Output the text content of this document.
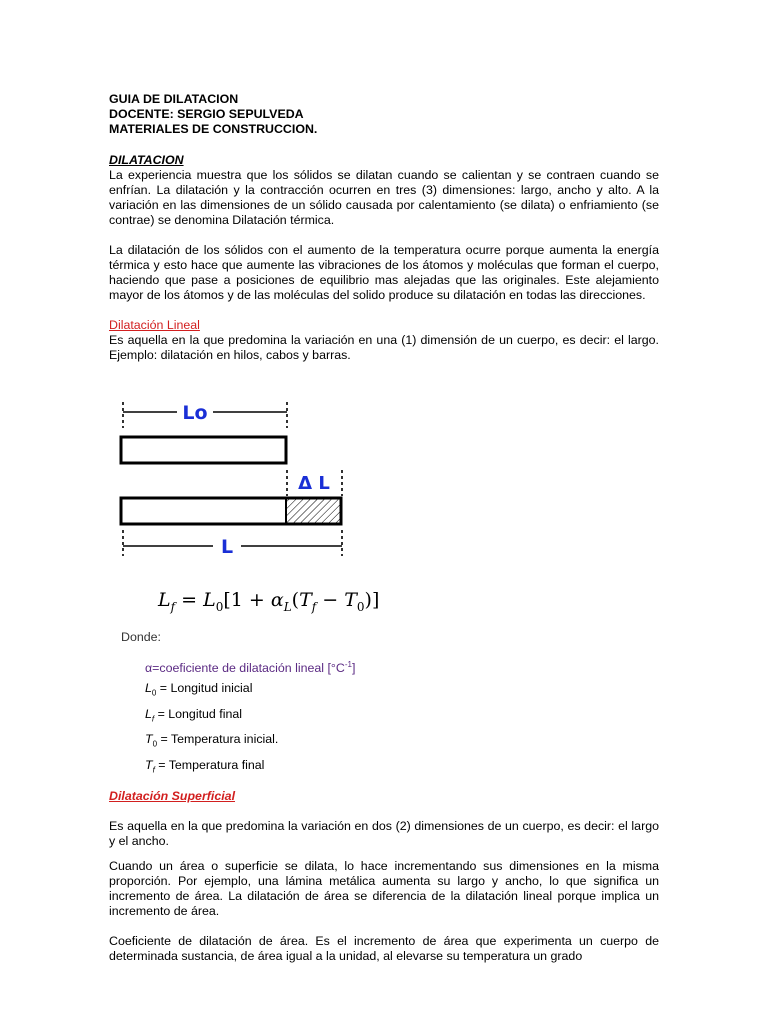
GUIA DE DILATACION
DOCENTE: SERGIO SEPULVEDA
MATERIALES DE CONSTRUCCION.
DILATACION

La experiencia muestra que los sólidos se dilatan cuando se calientan y se contraen cuando se enfrían. La dilatación y la contracción ocurren en tres (3) dimensiones: largo, ancho y alto. A la variación en las dimensiones de un sólido causada por calentamiento (se dilata) o enfriamiento (se contrae) se denomina Dilatación térmica.

La dilatación de los sólidos con el aumento de la temperatura ocurre porque aumenta la energía térmica y esto hace que aumente las vibraciones de los átomos y moléculas que forman el cuerpo, haciendo que pase a posiciones de equilibrio mas alejadas que las originales. Este alejamiento mayor de los átomos y de las moléculas del solido produce su dilatación en todas las direcciones.

Dilatación Lineal

Es aquella en la que predomina la variación en una (1) dimensión de un cuerpo, es decir: el largo. Ejemplo: dilatación en hilos, cabos y barras.

Lo
Δ L
L
$L_f = L_0[1 + \alpha_L(T_f - T_0)]$
Donde:
α=coeficiente de dilatación lineal $[^\circ C^{-1}]$
$L_0$ = Longitud inicial
$L_f$ = Longitud final
$T_0$ = Temperatura inicial.
$T_f$ = Temperatura final
Dilatación Superficial

Es aquella en la que predomina la variación en dos (2) dimensiones de un cuerpo, es decir: el largo y el ancho.

Cuando un área o superficie se dilata, lo hace incrementando sus dimensiones en la misma proporción. Por ejemplo, una lámina metálica aumenta su largo y ancho, lo que significa un incremento de área. La dilatación de área se diferencia de la dilatación lineal porque implica un incremento de área.

Coeficiente de dilatación de área. Es el incremento de área que experimenta un cuerpo de determinada sustancia, de área igual a la unidad, al elevarse su temperatura un grado
